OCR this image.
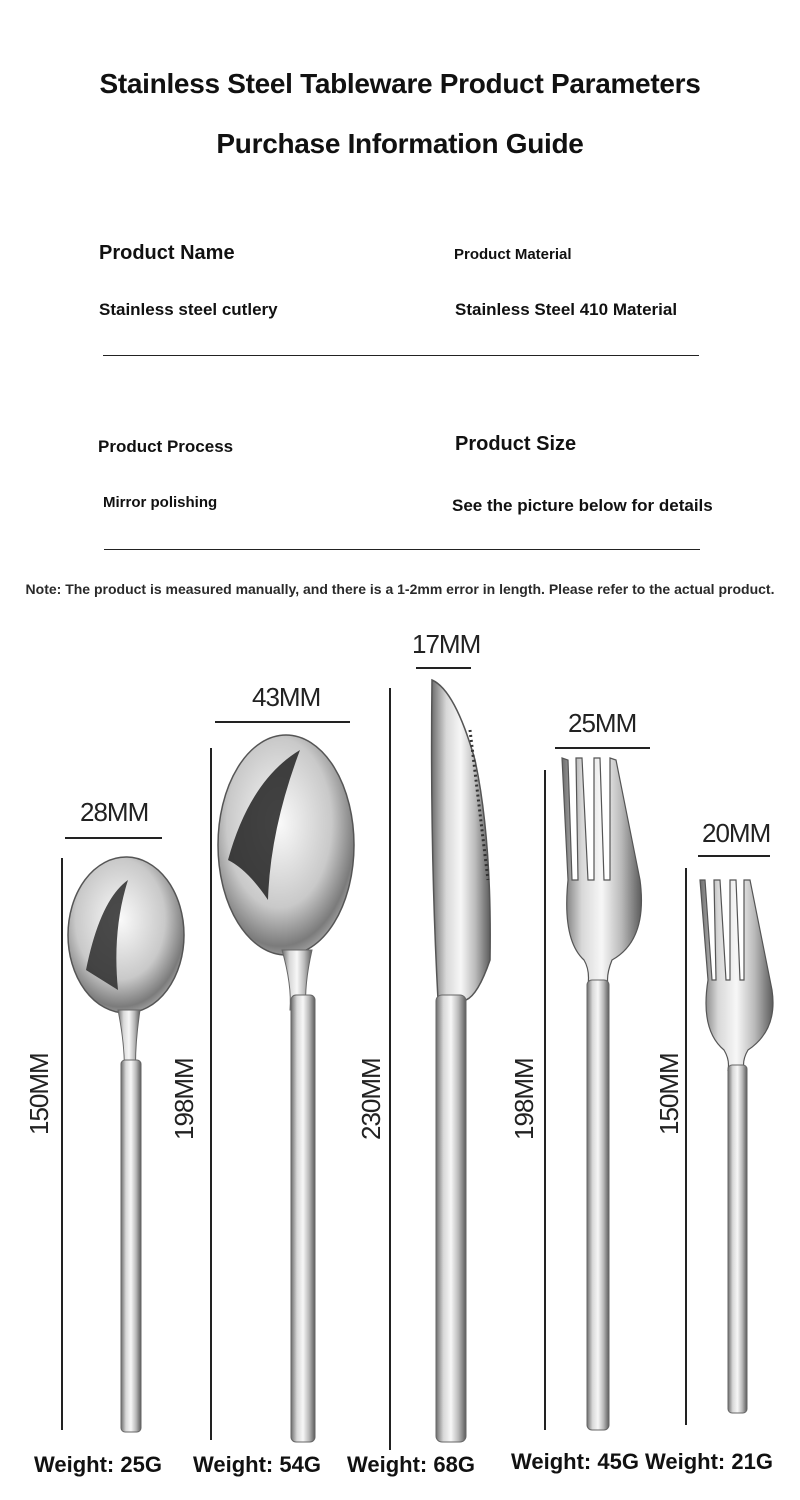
Stainless Steel Tableware Product Parameters
Purchase Information Guide
Product Name	Product Material
Stainless steel cutlery	Stainless Steel 410 Material
Product Process	Product Size
Mirror polishing	See the picture below for details
Note: The product is measured manually, and there is a 1-2mm error in length. Please refer to the actual product.
28MM
150MM	198MM
43MM
17MM
230MM
25MM
198MM
20MM
150MM
Weight: 25G Weight: 54G Weight: 68G Weight: 45G Weight: 21G
